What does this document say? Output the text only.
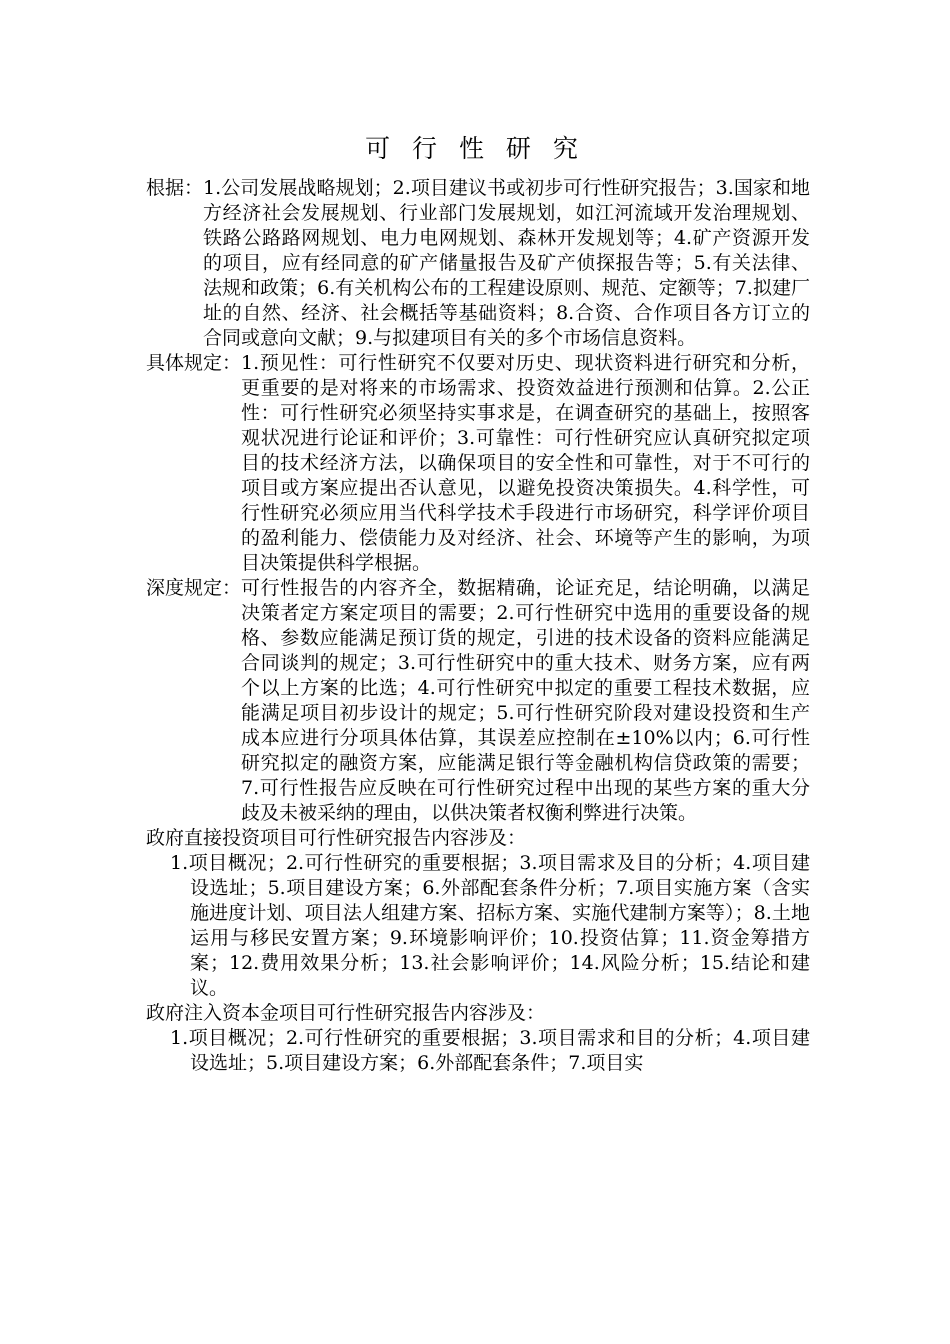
可 行 性 研 究
根据： 1.公司发展战略规划；2.项目建议书或初步可行性研究报告；3.国家和地方经济社会发展规划、行业部门发展规划，如江河流域开发治理规划、铁路公路路网规划、电力电网规划、森林开发规划等；4.矿产资源开发的项目，应有经同意的矿产储量报告及矿产侦探报告等；5.有关法律、法规和政策；6.有关机构公布的工程建设原则、规范、定额等；7.拟建厂址的自然、经济、社会概括等基础资料；8.合资、合作项目各方订立的合同或意向文献；9.与拟建项目有关的多个市场信息资料。
具体规定： 1.预见性：可行性研究不仅要对历史、现状资料进行研究和分析，更重要的是对将来的市场需求、投资效益进行预测和估算。2.公正性：可行性研究必须坚持实事求是，在调查研究的基础上，按照客观状况进行论证和评价；3.可靠性：可行性研究应认真研究拟定项目的技术经济方法，以确保项目的安全性和可靠性，对于不可行的项目或方案应提出否认意见，以避免投资决策损失。4.科学性，可行性研究必须应用当代科学技术手段进行市场研究，科学评价项目的盈利能力、偿债能力及对经济、社会、环境等产生的影响，为项目决策提供科学根据。
深度规定： 可行性报告的内容齐全，数据精确，论证充足，结论明确，以满足决策者定方案定项目的需要；2.可行性研究中选用的重要设备的规格、参数应能满足预订货的规定，引进的技术设备的资料应能满足合同谈判的规定；3.可行性研究中的重大技术、财务方案，应有两个以上方案的比选；4.可行性研究中拟定的重要工程技术数据，应能满足项目初步设计的规定；5.可行性研究阶段对建设投资和生产成本应进行分项具体估算，其误差应控制在±10%以内；6.可行性研究拟定的融资方案，应能满足银行等金融机构信贷政策的需要；7.可行性报告应反映在可行性研究过程中出现的某些方案的重大分歧及未被采纳的理由，以供决策者权衡利弊进行决策。

政府直接投资项目可行性研究报告内容涉及：

1.项目概况；2.可行性研究的重要根据；3.项目需求及目的分析；4.项目建设选址；5.项目建设方案；6.外部配套条件分析；7.项目实施方案（含实施进度计划、项目法人组建方案、招标方案、实施代建制方案等）；8.土地运用与移民安置方案；9.环境影响评价；10.投资估算；11.资金筹措方案；12.费用效果分析；13.社会影响评价；14.风险分析；15.结论和建议。

政府注入资本金项目可行性研究报告内容涉及：

1.项目概况；2.可行性研究的重要根据；3.项目需求和目的分析；4.项目建设选址；5.项目建设方案；6.外部配套条件；7.项目实
